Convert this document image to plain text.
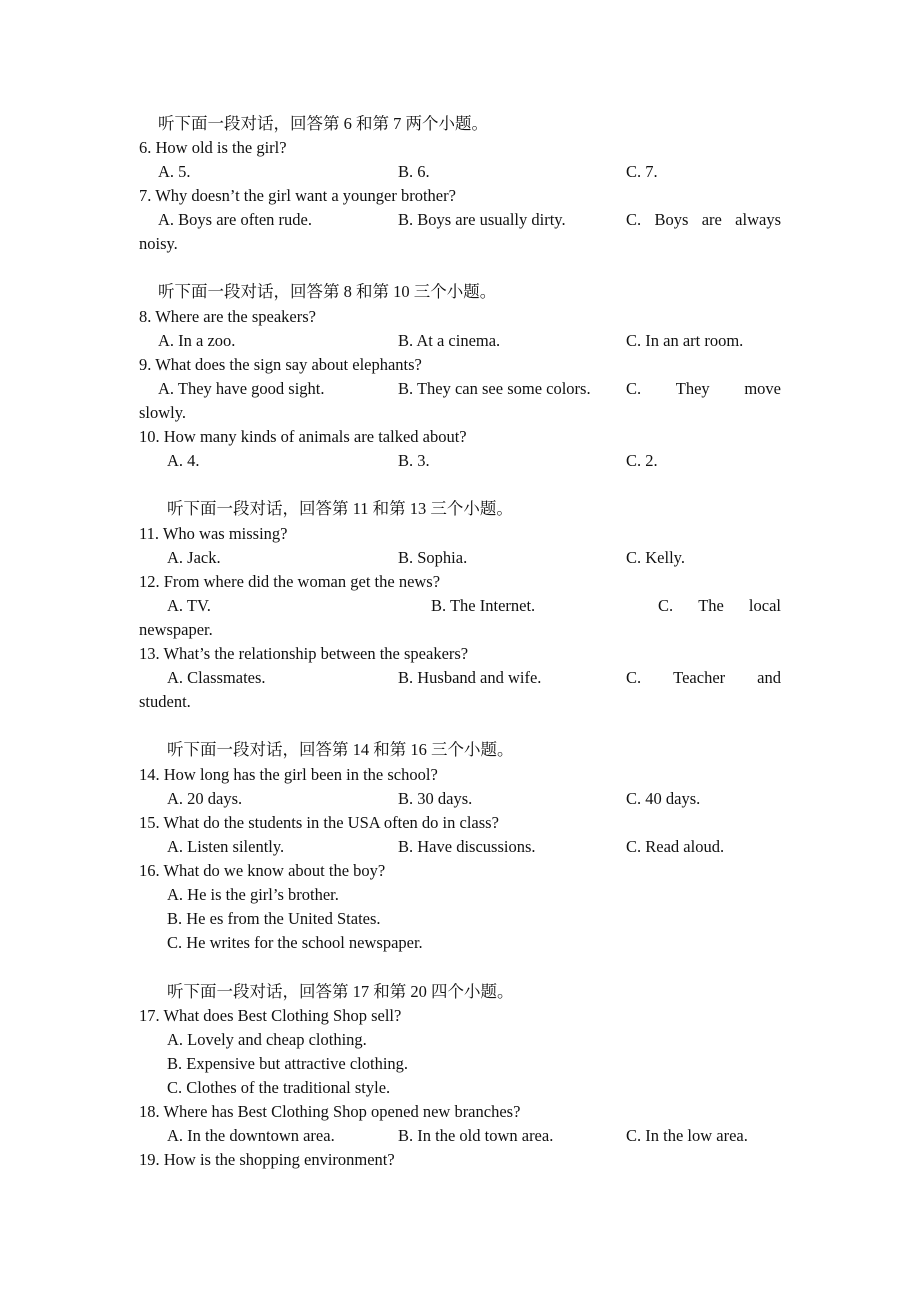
听下面一段对话，回答第 6 和第 7 两个小题。
6. How old is the girl?
A. 5.	B. 6.	C. 7.
7. Why doesn’t the girl want a younger brother?
A. Boys are often rude.	B. Boys are usually dirty.	C. Boys are always
noisy.
听下面一段对话，回答第 8 和第 10 三个小题。
8. Where are the speakers?
A. In a zoo.	B. At a cinema.	C. In an art room.
9. What does the sign say about elephants?
A. They have good sight.	B. They can see some colors. C. They move
slowly.
10. How many kinds of animals are talked about?
A. 4.	B. 3.	C. 2.
听下面一段对话，回答第 11 和第 13 三个小题。
11. Who was missing?
A. Jack.	B. Sophia.	C. Kelly.
12. From where did the woman get the news?
A. TV.	B. The Internet.	C. The local
newspaper.
13. What’s the relationship between the speakers?
A. Classmates.	B. Husband and wife.	C. Teacher and
student.
听下面一段对话，回答第 14 和第 16 三个小题。
14. How long has the girl been in the school?
A. 20 days.	B. 30 days.	C. 40 days.
15. What do the students in the USA often do in class?
A. Listen silently.	B. Have discussions.	C. Read aloud.
16. What do we know about the boy?
A. He is the girl’s brother.
B. He es from the United States.
C. He writes for the school newspaper.
听下面一段对话，回答第 17 和第 20 四个小题。
17. What does Best Clothing Shop sell?
A. Lovely and cheap clothing.
B. Expensive but attractive clothing.
C. Clothes of the traditional style.
18. Where has Best Clothing Shop opened new branches?
A. In the downtown area.	B. In the old town area.	C. In the low area.
19. How is the shopping environment?
